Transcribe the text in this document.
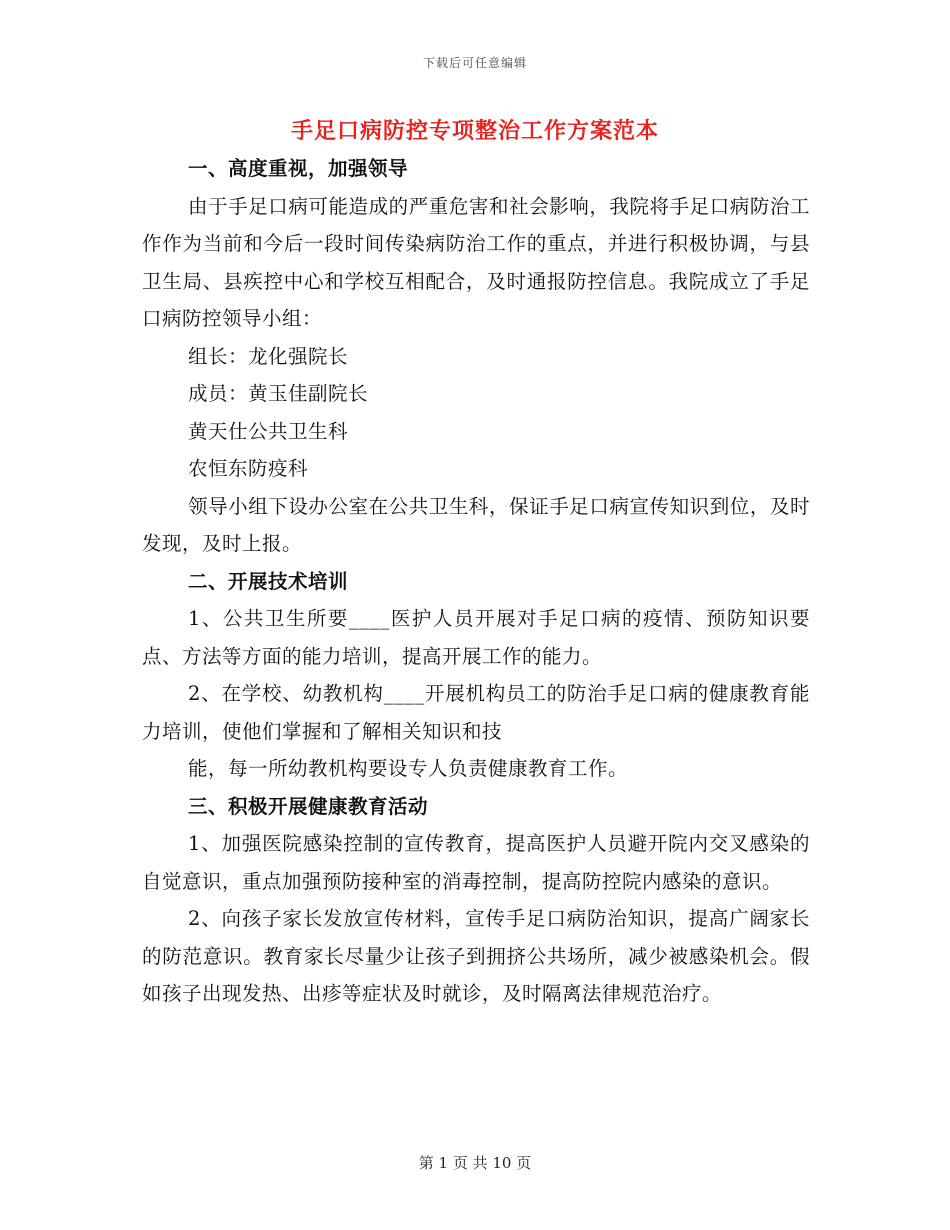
下载后可任意编辑
手足口病防控专项整治工作方案范本

一、高度重视，加强领导

由于手足口病可能造成的严重危害和社会影响，我院将手足口病防治工作作为当前和今后一段时间传染病防治工作的重点，并进行积极协调，与县卫生局、县疾控中心和学校互相配合，及时通报防控信息。我院成立了手足口病防控领导小组：

组长：龙化强院长

成员：黄玉佳副院长

黄天仕公共卫生科

农恒东防疫科

领导小组下设办公室在公共卫生科，保证手足口病宣传知识到位，及时发现，及时上报。

二、开展技术培训

1、公共卫生所要____医护人员开展对手足口病的疫情、预防知识要点、方法等方面的能力培训，提高开展工作的能力。

2、在学校、幼教机构____开展机构员工的防治手足口病的健康教育能力培训，使他们掌握和了解相关知识和技

能，每一所幼教机构要设专人负责健康教育工作。

三、积极开展健康教育活动

1、加强医院感染控制的宣传教育，提高医护人员避开院内交叉感染的自觉意识，重点加强预防接种室的消毒控制，提高防控院内感染的意识。

2、向孩子家长发放宣传材料，宣传手足口病防治知识，提高广阔家长的防范意识。教育家长尽量少让孩子到拥挤公共场所，减少被感染机会。假如孩子出现发热、出疹等症状及时就诊，及时隔离法律规范治疗。

第 1 页 共 10 页
